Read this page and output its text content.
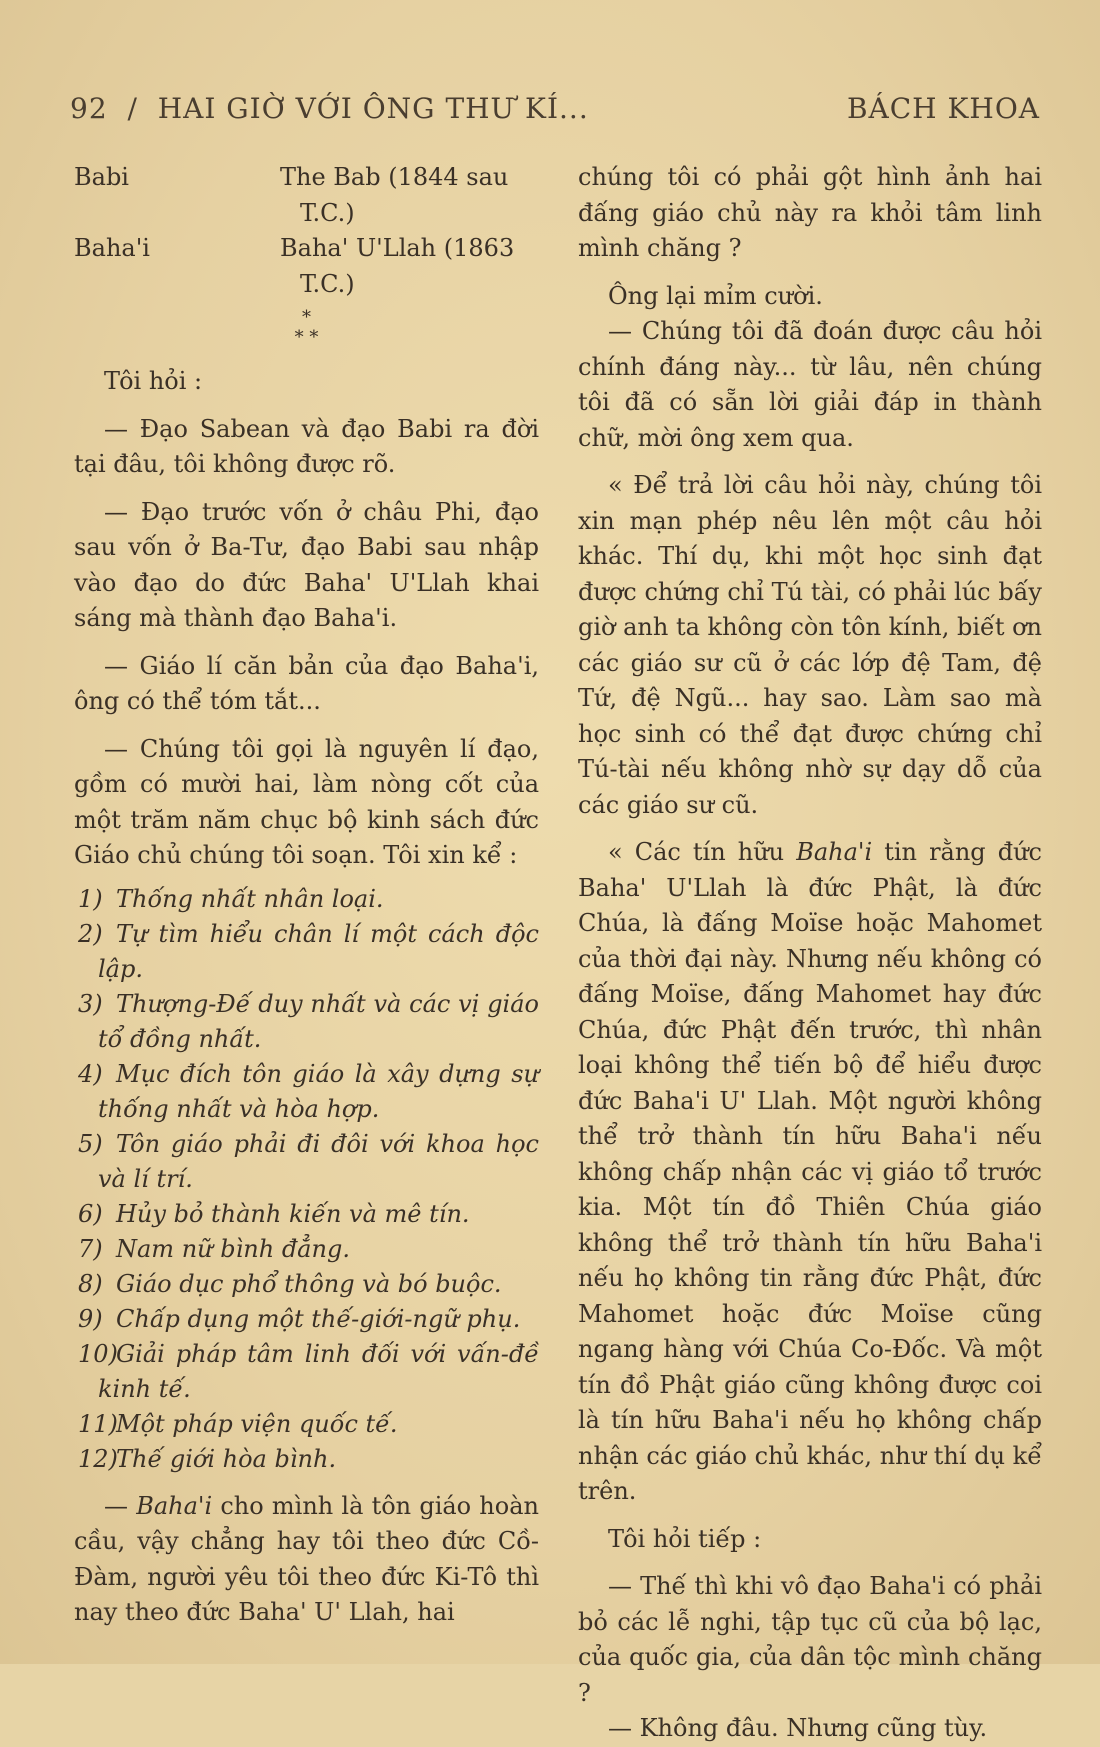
92 / HAI GIỜ VỚI ÔNG THƯ KÍ...	BÁCH KHOA
Babi	The Bab (1844 sau
T.C.)
Baha'i	Baha' U'Llah (1863
T.C.)
*
* *

Tôi hỏi :

— Đạo Sabean và đạo Babi ra đời tại đâu, tôi không được rõ.

— Đạo trước vốn ở châu Phi, đạo sau vốn ở Ba-Tư, đạo Babi sau nhập vào đạo do đức Baha' U'Llah khai sáng mà thành đạo Baha'i.

— Giáo lí căn bản của đạo Baha'i, ông có thể tóm tắt...

— Chúng tôi gọi là nguyên lí đạo, gồm có mười hai, làm nòng cốt của một trăm năm chục bộ kinh sách đức Giáo chủ chúng tôi soạn. Tôi xin kể :

1) Thống nhất nhân loại.
2) Tự tìm hiểu chân lí một cách độc lập.
3) Thượng-Đế duy nhất và các vị giáo tổ đồng nhất.
4) Mục đích tôn giáo là xây dựng sự thống nhất và hòa hợp.
5) Tôn giáo phải đi đôi với khoa học và lí trí.
6) Hủy bỏ thành kiến và mê tín.
7) Nam nữ bình đẳng.
8) Giáo dục phổ thông và bó buộc.
9) Chấp dụng một thế-giới-ngữ phụ.
10)Giải pháp tâm linh đối với vấn-đề kinh tế.
11)Một pháp viện quốc tế.
12)Thế giới hòa bình.

— Baha'i cho mình là tôn giáo hoàn cầu, vậy chẳng hay tôi theo đức Cồ-Đàm, người yêu tôi theo đức Ki-Tô thì nay theo đức Baha' U' Llah, hai

chúng tôi có phải gột hình ảnh hai đấng giáo chủ này ra khỏi tâm linh mình chăng ?

Ông lại mỉm cười.

— Chúng tôi đã đoán được câu hỏi chính đáng này... từ lâu, nên chúng tôi đã có sẵn lời giải đáp in thành chữ, mời ông xem qua.

« Để trả lời câu hỏi này, chúng tôi xin mạn phép nêu lên một câu hỏi khác. Thí dụ, khi một học sinh đạt được chứng chỉ Tú tài, có phải lúc bấy giờ anh ta không còn tôn kính, biết ơn các giáo sư cũ ở các lớp đệ Tam, đệ Tứ, đệ Ngũ... hay sao. Làm sao mà học sinh có thể đạt được chứng chỉ Tú-tài nếu không nhờ sự dạy dỗ của các giáo sư cũ.

« Các tín hữu Baha'i tin rằng đức Baha' U'Llah là đức Phật, là đức Chúa, là đấng Moïse hoặc Mahomet của thời đại này. Nhưng nếu không có đấng Moïse, đấng Mahomet hay đức Chúa, đức Phật đến trước, thì nhân loại không thể tiến bộ để hiểu được đức Baha'i U' Llah. Một người không thể trở thành tín hữu Baha'i nếu không chấp nhận các vị giáo tổ trước kia. Một tín đồ Thiên Chúa giáo không thể trở thành tín hữu Baha'i nếu họ không tin rằng đức Phật, đức Mahomet hoặc đức Moïse cũng ngang hàng với Chúa Co-Đốc. Và một tín đồ Phật giáo cũng không được coi là tín hữu Baha'i nếu họ không chấp nhận các giáo chủ khác, như thí dụ kể trên.

Tôi hỏi tiếp :

— Thế thì khi vô đạo Baha'i có phải bỏ các lễ nghi, tập tục cũ của bộ lạc, của quốc gia, của dân tộc mình chăng ?

— Không đâu. Nhưng cũng tùy.
